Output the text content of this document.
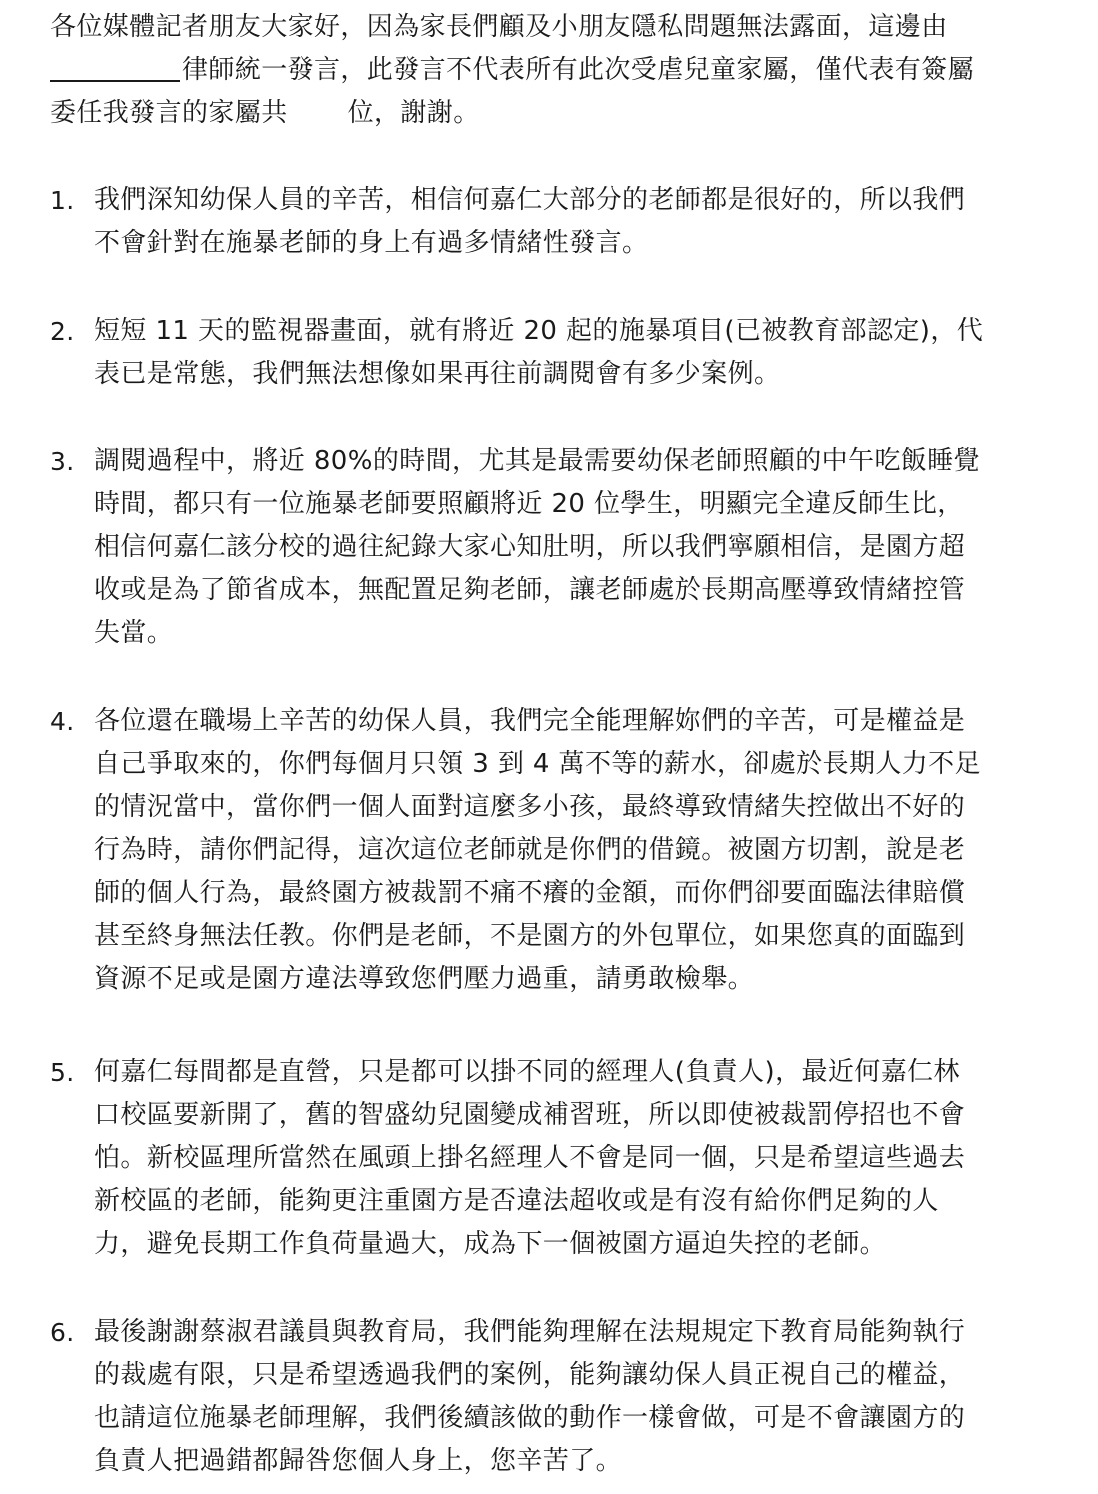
各位媒體記者朋友大家好，因為家長們顧及小朋友隱私問題無法露面，這邊由
律師統一發言，此發言不代表所有此次受虐兒童家屬，僅代表有簽屬
委任我發言的家屬共 位，謝謝。

1. 我們深知幼保人員的辛苦，相信何嘉仁大部分的老師都是很好的，所以我們
不會針對在施暴老師的身上有過多情緒性發言。
2. 短短 11 天的監視器畫面，就有將近 20 起的施暴項目(已被教育部認定)，代
表已是常態，我們無法想像如果再往前調閱會有多少案例。
3. 調閱過程中，將近 80%的時間，尤其是最需要幼保老師照顧的中午吃飯睡覺
時間，都只有一位施暴老師要照顧將近 20 位學生，明顯完全違反師生比，
相信何嘉仁該分校的過往紀錄大家心知肚明，所以我們寧願相信，是園方超
收或是為了節省成本，無配置足夠老師，讓老師處於長期高壓導致情緒控管
失當。
4. 各位還在職場上辛苦的幼保人員，我們完全能理解妳們的辛苦，可是權益是
自己爭取來的，你們每個月只領 3 到 4 萬不等的薪水，卻處於長期人力不足
的情況當中，當你們一個人面對這麼多小孩，最終導致情緒失控做出不好的
行為時，請你們記得，這次這位老師就是你們的借鏡。被園方切割，說是老
師的個人行為，最終園方被裁罰不痛不癢的金額，而你們卻要面臨法律賠償
甚至終身無法任教。你們是老師，不是園方的外包單位，如果您真的面臨到
資源不足或是園方違法導致您們壓力過重，請勇敢檢舉。
5. 何嘉仁每間都是直營，只是都可以掛不同的經理人(負責人)，最近何嘉仁林
口校區要新開了，舊的智盛幼兒園變成補習班，所以即使被裁罰停招也不會
怕。新校區理所當然在風頭上掛名經理人不會是同一個，只是希望這些過去
新校區的老師，能夠更注重園方是否違法超收或是有沒有給你們足夠的人
力，避免長期工作負荷量過大，成為下一個被園方逼迫失控的老師。
6. 最後謝謝蔡淑君議員與教育局，我們能夠理解在法規規定下教育局能夠執行
的裁處有限，只是希望透過我們的案例，能夠讓幼保人員正視自己的權益，
也請這位施暴老師理解，我們後續該做的動作一樣會做，可是不會讓園方的
負責人把過錯都歸咎您個人身上，您辛苦了。
